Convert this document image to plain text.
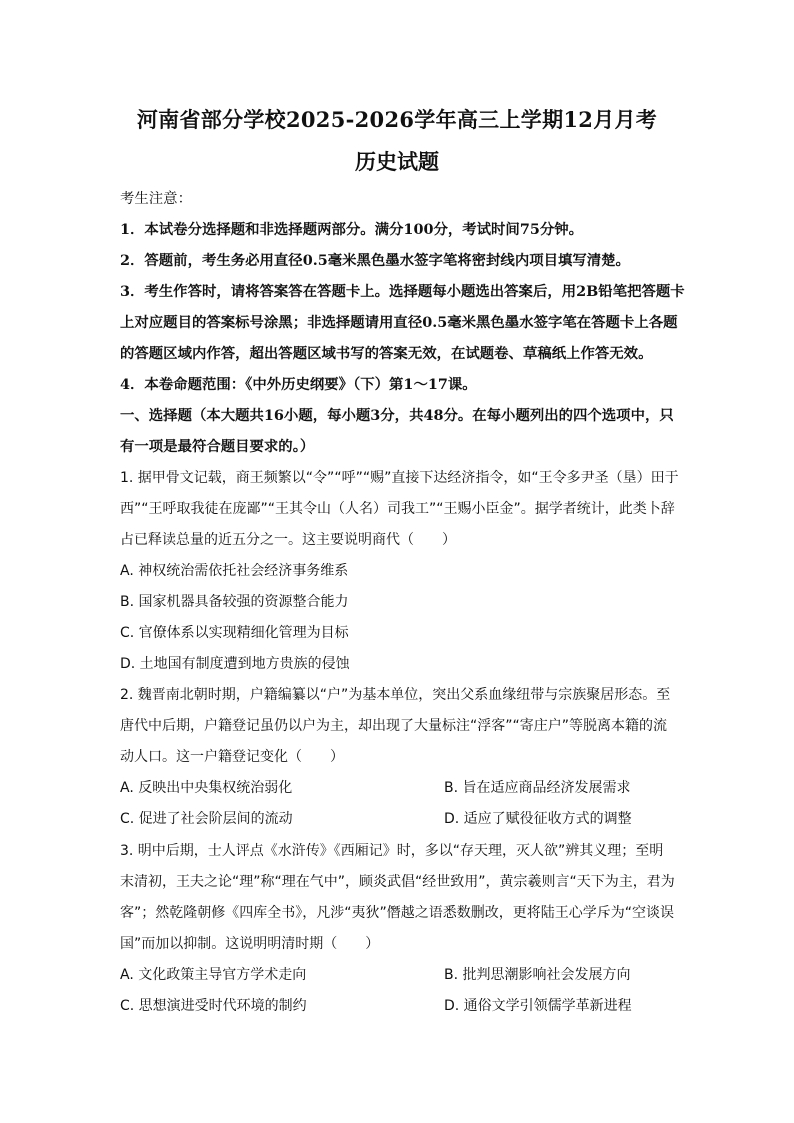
河南省部分学校2025-2026学年高三上学期12月月考
历史试题
考生注意：
1．本试卷分选择题和非选择题两部分。满分100分，考试时间75分钟。
2．答题前，考生务必用直径0.5毫米黑色墨水签字笔将密封线内项目填写清楚。
3．考生作答时，请将答案答在答题卡上。选择题每小题选出答案后，用2B铅笔把答题卡
上对应题目的答案标号涂黑；非选择题请用直径0.5毫米黑色墨水签字笔在答题卡上各题
的答题区域内作答，超出答题区域书写的答案无效，在试题卷、草稿纸上作答无效。
4．本卷命题范围：《中外历史纲要》（下）第1～17课。
一、选择题（本大题共16小题，每小题3分，共48分。在每小题列出的四个选项中，只
有一项是最符合题目要求的。）
1. 据甲骨文记载，商王频繁以“令”“呼”“赐”直接下达经济指令，如“王令多尹圣（垦）田于
西”“王呼取我徒在庞鄙”“王其令山（人名）司我工”“王赐小臣金”。据学者统计，此类卜辞
占已释读总量的近五分之一。这主要说明商代（　　）
A. 神权统治需依托社会经济事务维系
B. 国家机器具备较强的资源整合能力
C. 官僚体系以实现精细化管理为目标
D. 土地国有制度遭到地方贵族的侵蚀
2. 魏晋南北朝时期，户籍编纂以“户”为基本单位，突出父系血缘纽带与宗族聚居形态。至
唐代中后期，户籍登记虽仍以户为主，却出现了大量标注“浮客”“寄庄户”等脱离本籍的流
动人口。这一户籍登记变化（　　）
A. 反映出中央集权统治弱化	B. 旨在适应商品经济发展需求
C. 促进了社会阶层间的流动	D. 适应了赋役征收方式的调整
3. 明中后期，士人评点《水浒传》《西厢记》时，多以“存天理，灭人欲”辨其义理；至明
末清初，王夫之论“理”称“理在气中”，顾炎武倡“经世致用”，黄宗羲则言“天下为主，君为
客”；然乾隆朝修《四库全书》，凡涉“夷狄”僭越之语悉数删改，更将陆王心学斥为“空谈误
国”而加以抑制。这说明明清时期（　　）
A. 文化政策主导官方学术走向	B. 批判思潮影响社会发展方向
C. 思想演进受时代环境的制约	D. 通俗文学引领儒学革新进程
